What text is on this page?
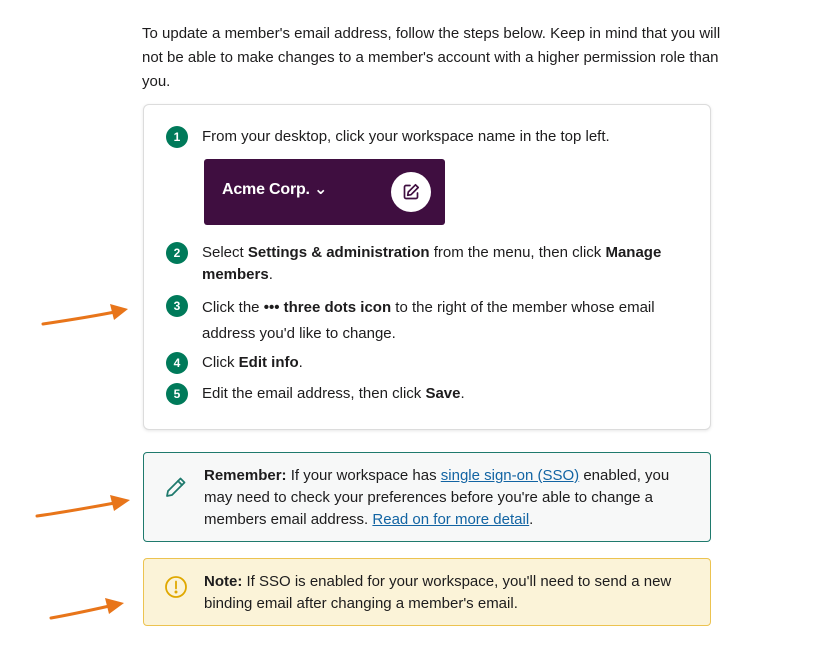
To update a member's email address, follow the steps below. Keep in mind that you will not be able to make changes to a member's account with a higher permission role than you.

1	From your desktop, click your workspace name in the top left.
Acme Corp. ⌄
2	Select Settings & administration from the menu, then click Manage members.
3	Click the ••• three dots icon to the right of the member whose email address you'd like to change.
4	Click Edit info.
5	Edit the email address, then click Save.
Remember: If your workspace has single sign-on (SSO) enabled, you may need to check your preferences before you're able to change a members email address. Read on for more detail.
Note: If SSO is enabled for your workspace, you'll need to send a new binding email after changing a member's email.
